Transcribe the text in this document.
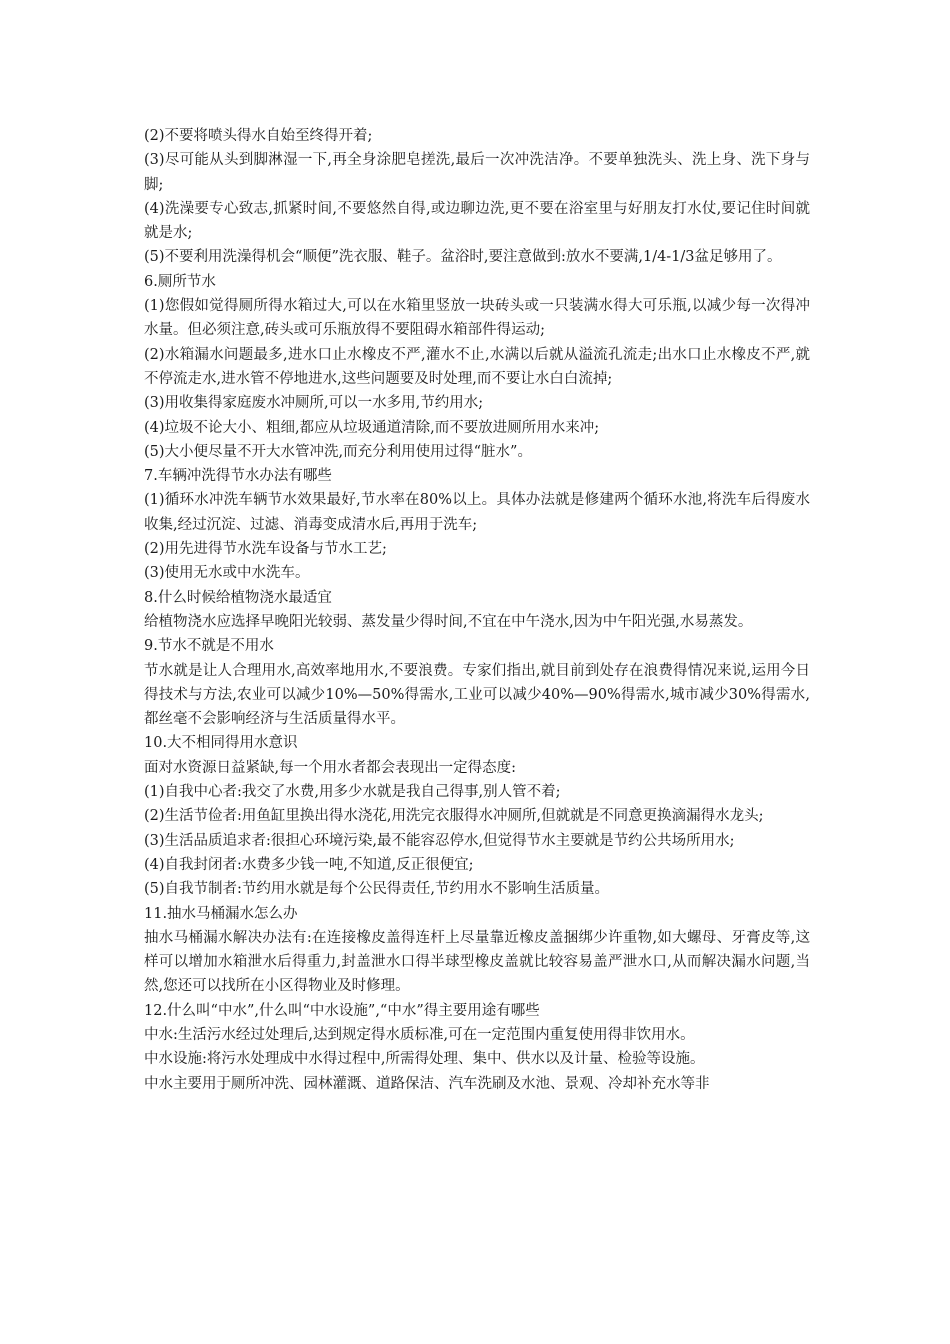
(2)不要将喷头得水自始至终得开着;

(3)尽可能从头到脚淋湿一下,再全身涂肥皂搓洗,最后一次冲洗洁净。不要单独洗头、洗上身、洗下身与脚;

(4)洗澡要专心致志,抓紧时间,不要悠然自得,或边聊边洗,更不要在浴室里与好朋友打水仗,要记住时间就就是水;

(5)不要利用洗澡得机会“顺便”洗衣服、鞋子。盆浴时,要注意做到:放水不要满,1/4-1/3盆足够用了。

6.厕所节水

(1)您假如觉得厕所得水箱过大,可以在水箱里竖放一块砖头或一只装满水得大可乐瓶,以减少每一次得冲水量。但必须注意,砖头或可乐瓶放得不要阻碍水箱部件得运动;

(2)水箱漏水问题最多,进水口止水橡皮不严,灌水不止,水满以后就从溢流孔流走;出水口止水橡皮不严,就不停流走水,进水管不停地进水,这些问题要及时处理,而不要让水白白流掉;

(3)用收集得家庭废水冲厕所,可以一水多用,节约用水;

(4)垃圾不论大小、粗细,都应从垃圾通道清除,而不要放进厕所用水来冲;

(5)大小便尽量不开大水管冲洗,而充分利用使用过得“脏水”。

7.车辆冲洗得节水办法有哪些

(1)循环水冲洗车辆节水效果最好,节水率在80%以上。具体办法就是修建两个循环水池,将洗车后得废水收集,经过沉淀、过滤、消毒变成清水后,再用于洗车;

(2)用先进得节水洗车设备与节水工艺;

(3)使用无水或中水洗车。

8.什么时候给植物浇水最适宜

给植物浇水应选择早晚阳光较弱、蒸发量少得时间,不宜在中午浇水,因为中午阳光强,水易蒸发。

9.节水不就是不用水

节水就是让人合理用水,高效率地用水,不要浪费。专家们指出,就目前到处存在浪费得情况来说,运用今日得技术与方法,农业可以减少10%—50%得需水,工业可以减少40%—90%得需水,城市减少30%得需水,都丝毫不会影响经济与生活质量得水平。

10.大不相同得用水意识

面对水资源日益紧缺,每一个用水者都会表现出一定得态度:

(1)自我中心者:我交了水费,用多少水就是我自己得事,别人管不着;

(2)生活节俭者:用鱼缸里换出得水浇花,用洗完衣服得水冲厕所,但就就是不同意更换滴漏得水龙头;

(3)生活品质追求者:很担心环境污染,最不能容忍停水,但觉得节水主要就是节约公共场所用水;

(4)自我封闭者:水费多少钱一吨,不知道,反正很便宜;

(5)自我节制者:节约用水就是每个公民得责任,节约用水不影响生活质量。

11.抽水马桶漏水怎么办

抽水马桶漏水解决办法有:在连接橡皮盖得连杆上尽量靠近橡皮盖捆绑少许重物,如大螺母、牙膏皮等,这样可以增加水箱泄水后得重力,封盖泄水口得半球型橡皮盖就比较容易盖严泄水口,从而解决漏水问题,当然,您还可以找所在小区得物业及时修理。

12.什么叫“中水”,什么叫“中水设施”,“中水”得主要用途有哪些

中水:生活污水经过处理后,达到规定得水质标准,可在一定范围内重复使用得非饮用水。

中水设施:将污水处理成中水得过程中,所需得处理、集中、供水以及计量、检验等设施。

中水主要用于厕所冲洗、园林灌溉、道路保洁、汽车洗刷及水池、景观、冷却补充水等非
